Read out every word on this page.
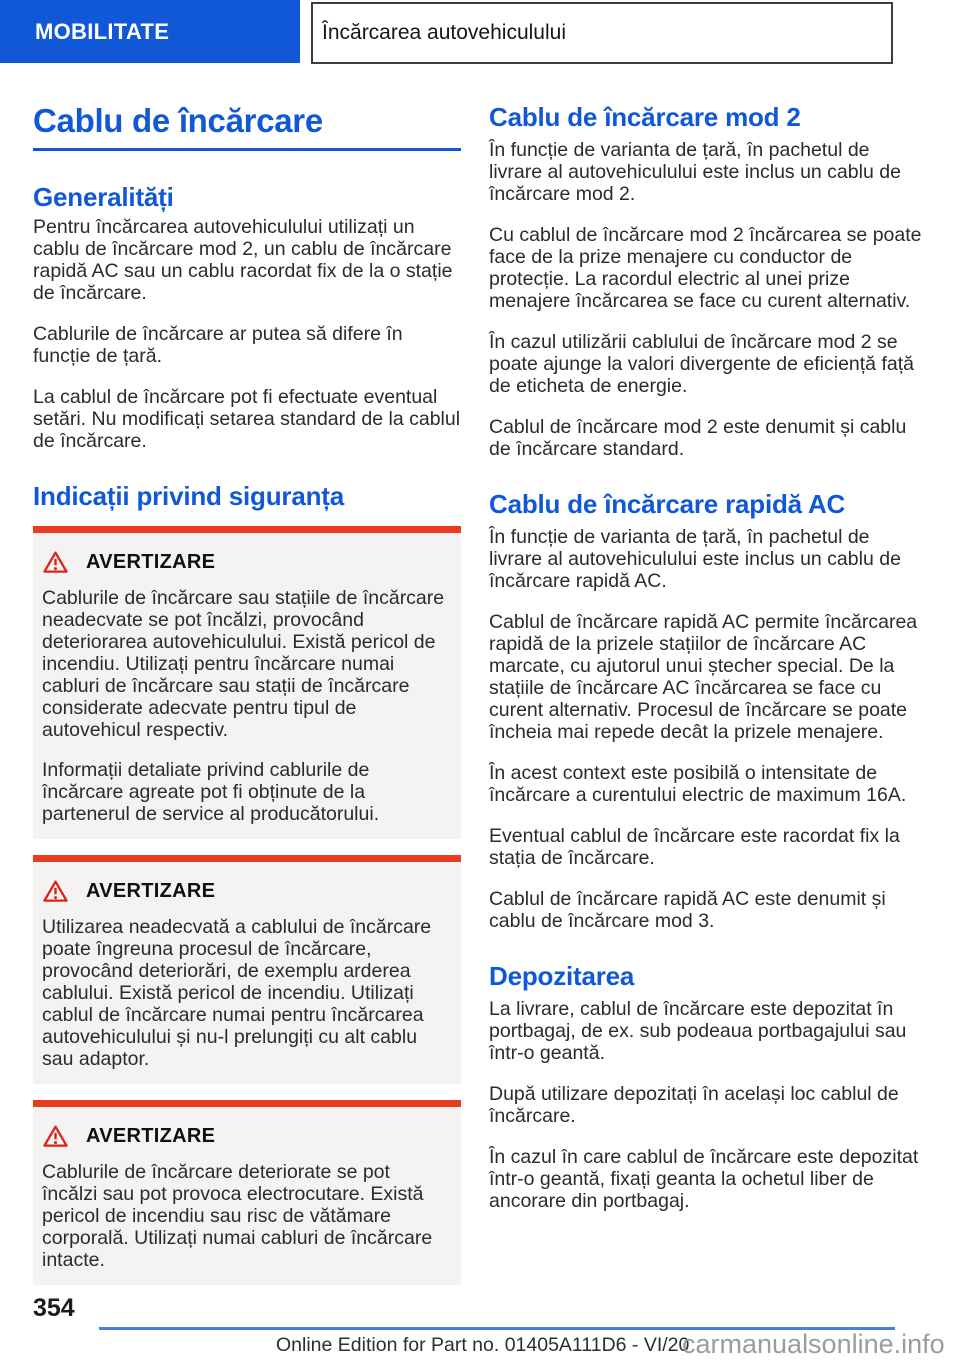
MOBILITATE	Încărcarea autovehiculului
Cablu de încărcare
Generalități

Pentru încărcarea autovehiculului utilizați un cablu de încărcare mod 2, un cablu de încărcare rapidă AC sau un cablu racordat fix de la o stație de încărcare.

Cablurile de încărcare ar putea să difere în funcție de țară.

La cablul de încărcare pot fi efectuate eventual setări. Nu modificați setarea standard de la cablul de încărcare.

Indicații privind siguranța
AVERTIZARE

Cablurile de încărcare sau stațiile de încărcare neadecvate se pot încălzi, provocând deteriorarea autovehiculului. Există pericol de incendiu. Utilizați pentru încărcare numai cabluri de încărcare sau stații de încărcare considerate adecvate pentru tipul de autovehicul respectiv.

Informații detaliate privind cablurile de încărcare agreate pot fi obținute de la partenerul de service al producătorului.

AVERTIZARE

Utilizarea neadecvată a cablului de încărcare poate îngreuna procesul de încărcare, provocând deteriorări, de exemplu arderea cablului. Există pericol de incendiu. Utilizați cablul de încărcare numai pentru încărcarea autovehiculului și nu-l prelungiți cu alt cablu sau adaptor.

AVERTIZARE

Cablurile de încărcare deteriorate se pot încălzi sau pot provoca electrocutare. Există pericol de incendiu sau risc de vătămare corporală. Utilizați numai cabluri de încărcare intacte.

Cablu de încărcare mod 2

În funcție de varianta de țară, în pachetul de livrare al autovehiculului este inclus un cablu de încărcare mod 2.

Cu cablul de încărcare mod 2 încărcarea se poate face de la prize menajere cu conductor de protecție. La racordul electric al unei prize menajere încărcarea se face cu curent alternativ.

În cazul utilizării cablului de încărcare mod 2 se poate ajunge la valori divergente de eficiență față de eticheta de energie.

Cablul de încărcare mod 2 este denumit și cablu de încărcare standard.

Cablu de încărcare rapidă AC

În funcție de varianta de țară, în pachetul de livrare al autovehiculului este inclus un cablu de încărcare rapidă AC.

Cablul de încărcare rapidă AC permite încărcarea rapidă de la prizele stațiilor de încărcare AC marcate, cu ajutorul unui ștecher special. De la stațiile de încărcare AC încărcarea se face cu curent alternativ. Procesul de încărcare se poate încheia mai repede decât la prizele menajere.

În acest context este posibilă o intensitate de încărcare a curentului electric de maximum 16A.

Eventual cablul de încărcare este racordat fix la stația de încărcare.

Cablul de încărcare rapidă AC este denumit și cablu de încărcare mod 3.

Depozitarea

La livrare, cablul de încărcare este depozitat în portbagaj, de ex. sub podeaua portbagajului sau într-o geantă.

După utilizare depozitați în același loc cablul de încărcare.

În cazul în care cablul de încărcare este depozitat într-o geantă, fixați geanta la ochetul liber de ancorare din portbagaj.

354
Online Edition for Part no. 01405A111D6 - VI/20
carmanualsonline.info
